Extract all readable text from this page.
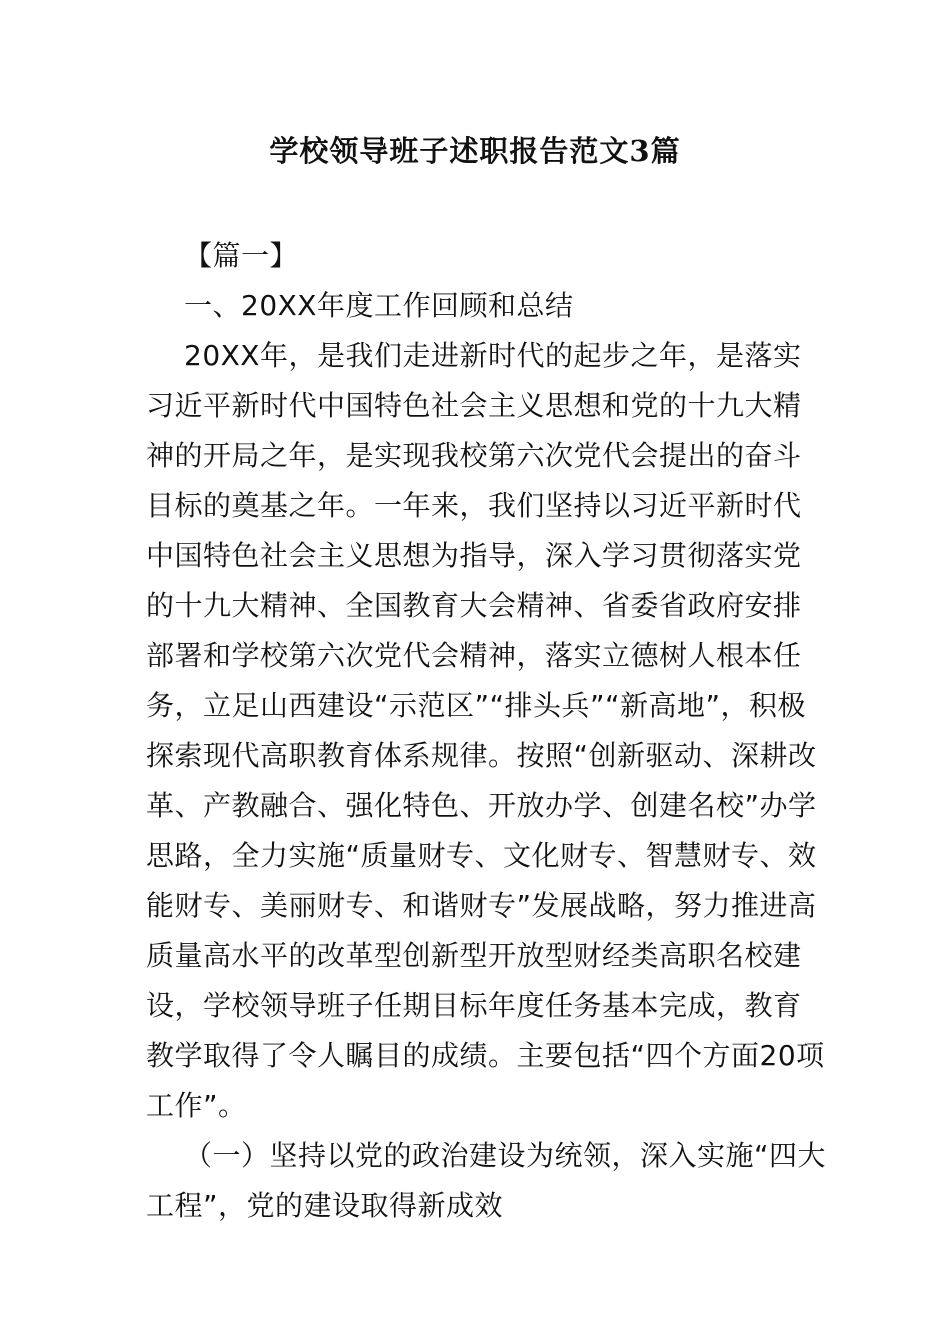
学校领导班子述职报告范文3篇

【篇一】

一、20XX年度工作回顾和总结

20XX年，是我们走进新时代的起步之年，是落实习近平新时代中国特色社会主义思想和党的十九大精神的开局之年，是实现我校第六次党代会提出的奋斗目标的奠基之年。一年来，我们坚持以习近平新时代中国特色社会主义思想为指导，深入学习贯彻落实党的十九大精神、全国教育大会精神、省委省政府安排部署和学校第六次党代会精神，落实立德树人根本任务，立足山西建设“示范区”“排头兵”“新高地”，积极探索现代高职教育体系规律。按照“创新驱动、深耕改革、产教融合、强化特色、开放办学、创建名校”办学思路，全力实施“质量财专、文化财专、智慧财专、效能财专、美丽财专、和谐财专”发展战略，努力推进高质量高水平的改革型创新型开放型财经类高职名校建设，学校领导班子任期目标年度任务基本完成，教育教学取得了令人瞩目的成绩。主要包括“四个方面20项工作”。

（一）坚持以党的政治建设为统领，深入实施“四大工程”，党的建设取得新成效
